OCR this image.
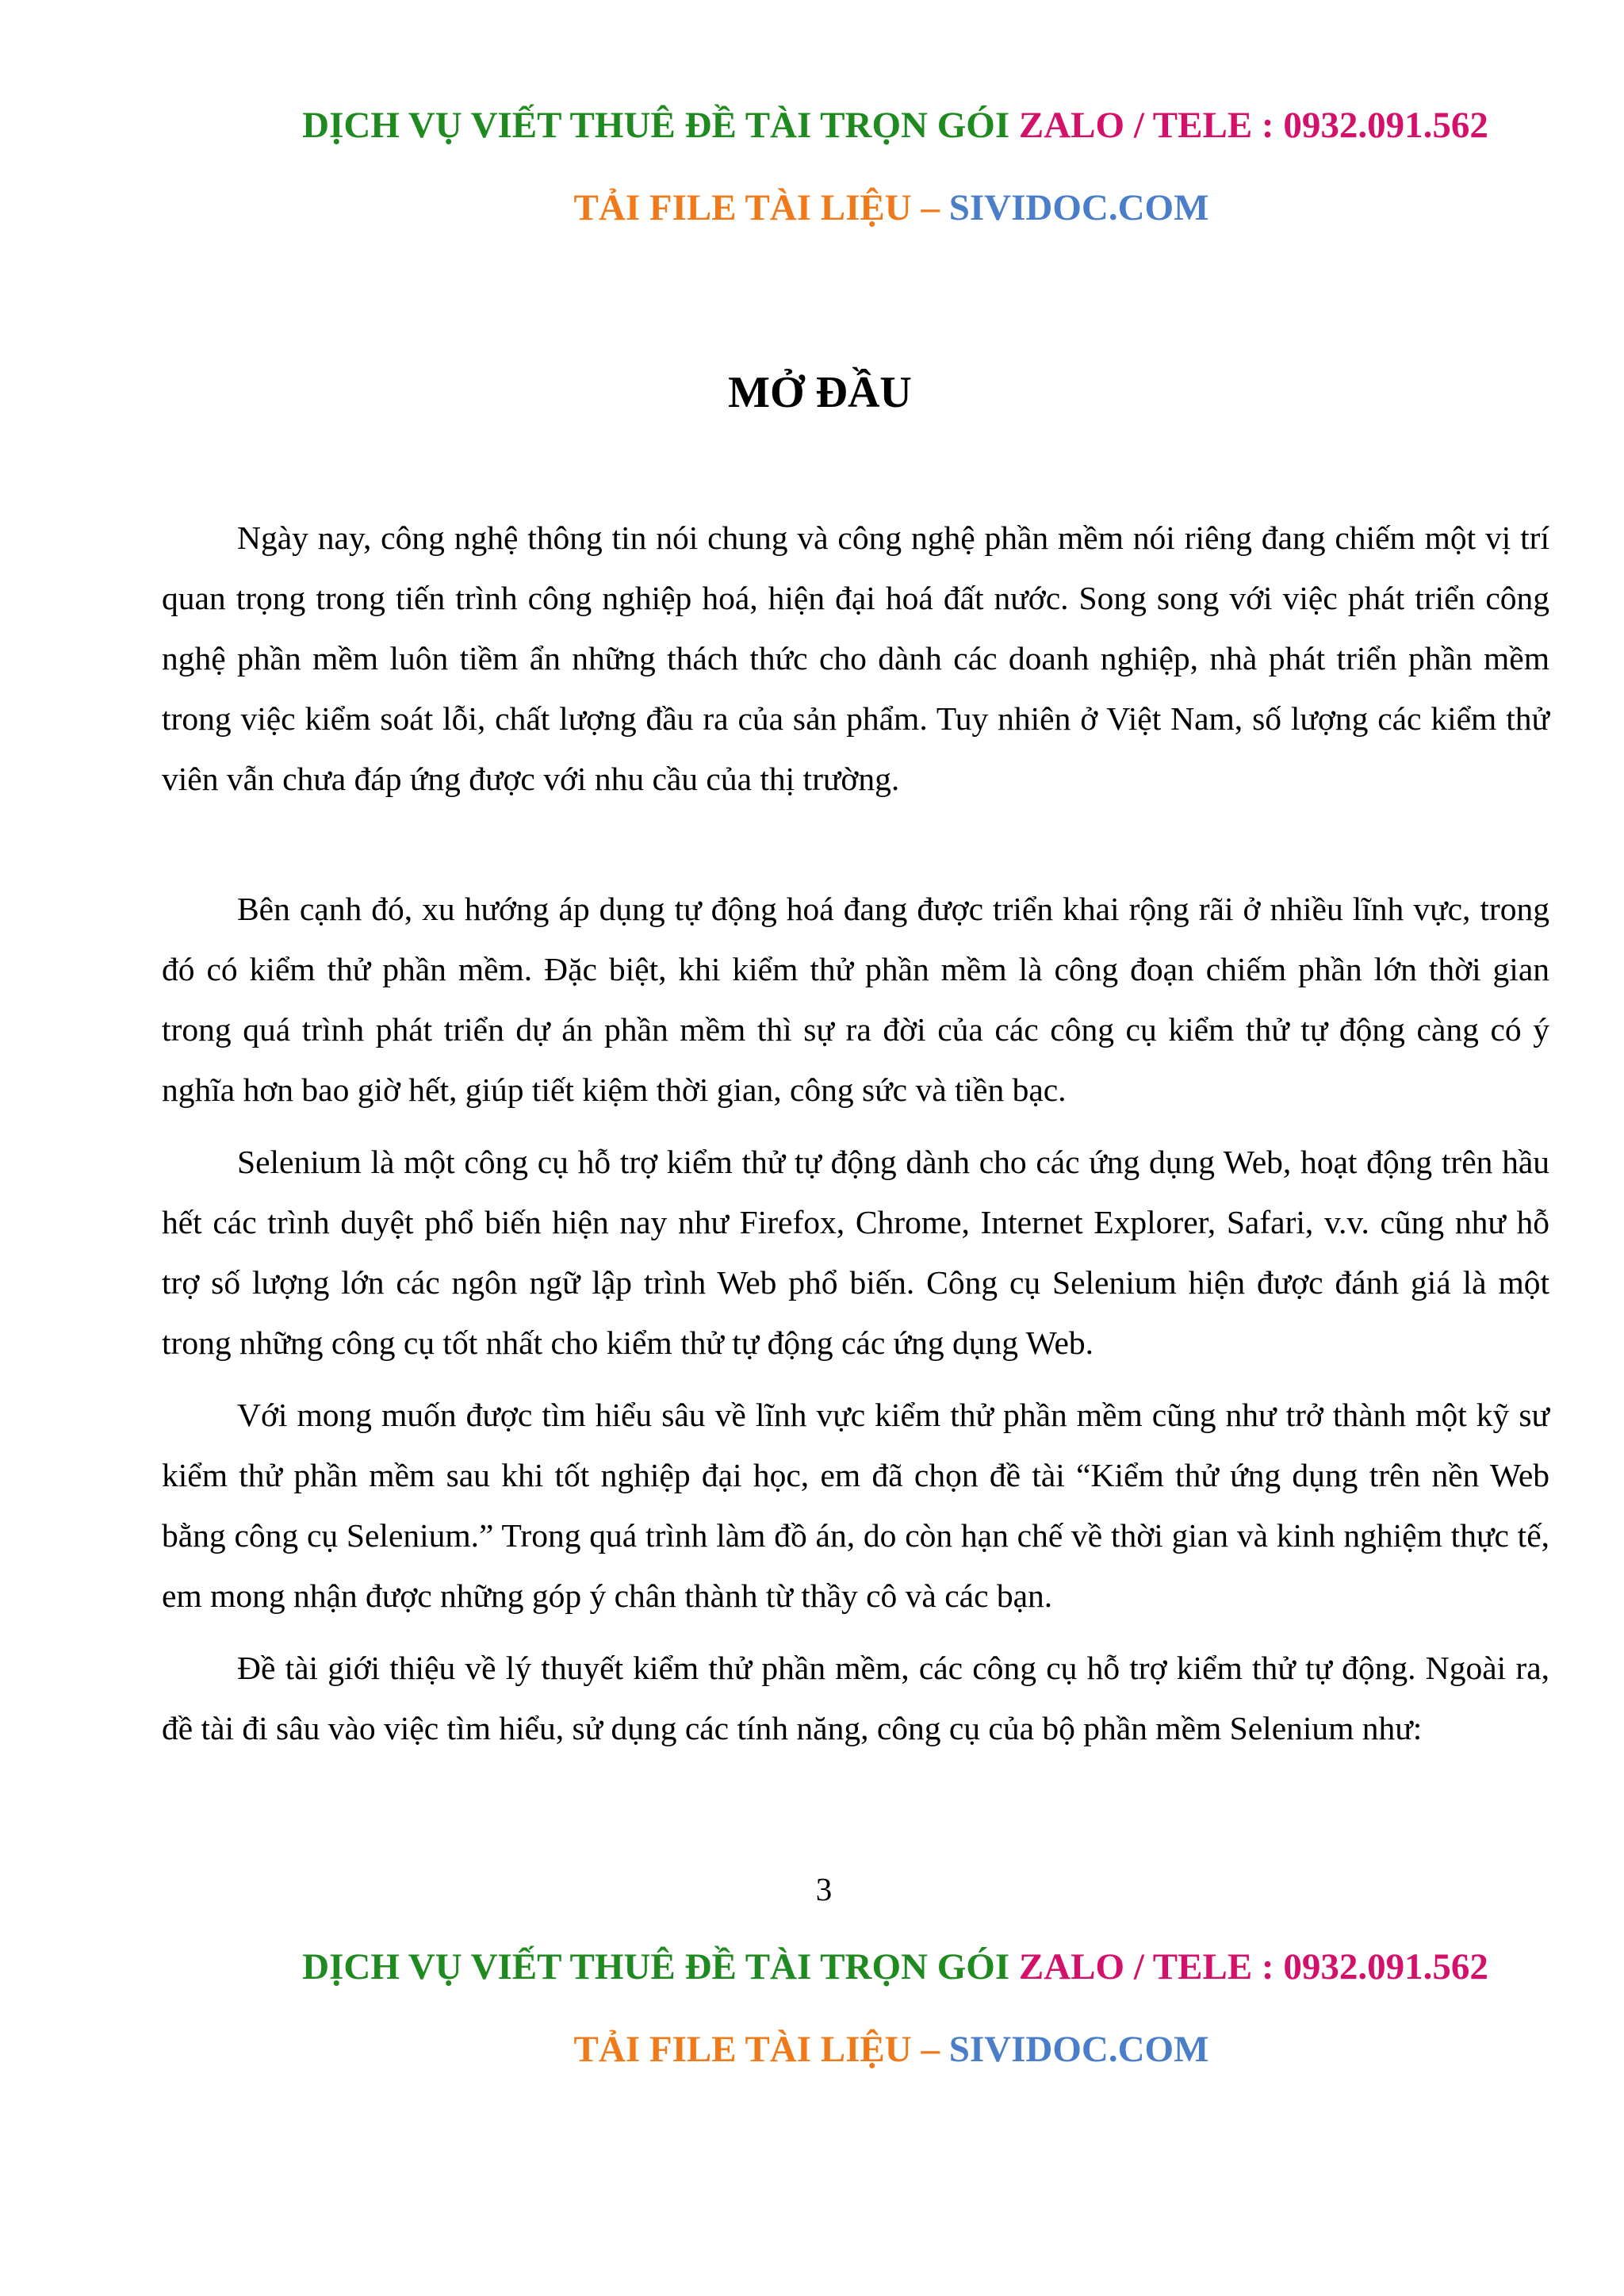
DỊCH VỤ VIẾT THUÊ ĐỀ TÀI TRỌN GÓI ZALO / TELE : 0932.091.562
TẢI FILE TÀI LIỆU – SIVIDOC.COM
MỞ ĐẦU

Ngày nay, công nghệ thông tin nói chung và công nghệ phần mềm nói riêng đang chiếm một vị trí quan trọng trong tiến trình công nghiệp hoá, hiện đại hoá đất nước. Song song với việc phát triển công nghệ phần mềm luôn tiềm ẩn những thách thức cho dành các doanh nghiệp, nhà phát triển phần mềm trong việc kiểm soát lỗi, chất lượng đầu ra của sản phẩm. Tuy nhiên ở Việt Nam, số lượng các kiểm thử viên vẫn chưa đáp ứng được với nhu cầu của thị trường.

Bên cạnh đó, xu hướng áp dụng tự động hoá đang được triển khai rộng rãi ở nhiều lĩnh vực, trong đó có kiểm thử phần mềm. Đặc biệt, khi kiểm thử phần mềm là công đoạn chiếm phần lớn thời gian trong quá trình phát triển dự án phần mềm thì sự ra đời của các công cụ kiểm thử tự động càng có ý nghĩa hơn bao giờ hết, giúp tiết kiệm thời gian, công sức và tiền bạc.

Selenium là một công cụ hỗ trợ kiểm thử tự động dành cho các ứng dụng Web, hoạt động trên hầu hết các trình duyệt phổ biến hiện nay như Firefox, Chrome, Internet Explorer, Safari, v.v. cũng như hỗ trợ số lượng lớn các ngôn ngữ lập trình Web phổ biến. Công cụ Selenium hiện được đánh giá là một trong những công cụ tốt nhất cho kiểm thử tự động các ứng dụng Web.

Với mong muốn được tìm hiểu sâu về lĩnh vực kiểm thử phần mềm cũng như trở thành một kỹ sư kiểm thử phần mềm sau khi tốt nghiệp đại học, em đã chọn đề tài “Kiểm thử ứng dụng trên nền Web bằng công cụ Selenium.” Trong quá trình làm đồ án, do còn hạn chế về thời gian và kinh nghiệm thực tế, em mong nhận được những góp ý chân thành từ thầy cô và các bạn.

Đề tài giới thiệu về lý thuyết kiểm thử phần mềm, các công cụ hỗ trợ kiểm thử tự động. Ngoài ra, đề tài đi sâu vào việc tìm hiểu, sử dụng các tính năng, công cụ của bộ phần mềm Selenium như:

3
DỊCH VỤ VIẾT THUÊ ĐỀ TÀI TRỌN GÓI ZALO / TELE : 0932.091.562
TẢI FILE TÀI LIỆU – SIVIDOC.COM
